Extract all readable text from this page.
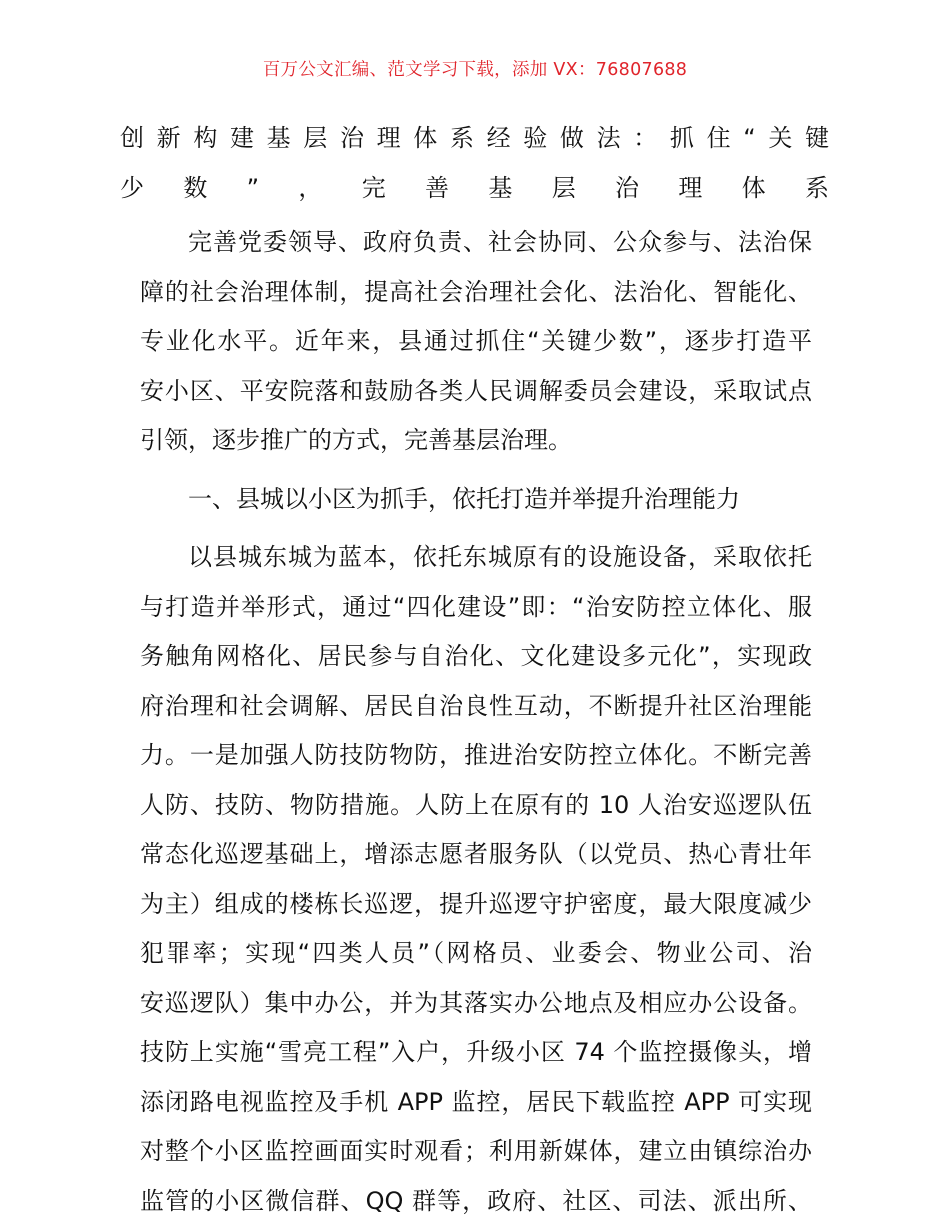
百万公文汇编、范文学习下载，添加 VX：76807688
创新构建基层治理体系经验做法：抓住“关键
少数”，完善基层治理体系
完善党委领导、政府负责、社会协同、公众参与、法治保
障的社会治理体制，提高社会治理社会化、法治化、智能化、
专业化水平。近年来，县通过抓住“关键少数”，逐步打造平
安小区、平安院落和鼓励各类人民调解委员会建设，采取试点
引领，逐步推广的方式，完善基层治理。
一、县城以小区为抓手，依托打造并举提升治理能力
以县城东城为蓝本，依托东城原有的设施设备，采取依托
与打造并举形式，通过“四化建设”即：“治安防控立体化、服
务触角网格化、居民参与自治化、文化建设多元化”，实现政
府治理和社会调解、居民自治良性互动，不断提升社区治理能
力。一是加强人防技防物防，推进治安防控立体化。不断完善
人防、技防、物防措施。人防上在原有的 10 人治安巡逻队伍
常态化巡逻基础上，增添志愿者服务队（以党员、热心青壮年
为主）组成的楼栋长巡逻，提升巡逻守护密度，最大限度减少
犯罪率；实现“四类人员”（网格员、业委会、物业公司、治
安巡逻队）集中办公，并为其落实办公地点及相应办公设备。
技防上实施“雪亮工程”入户，升级小区 74 个监控摄像头，增
添闭路电视监控及手机 APP 监控，居民下载监控 APP 可实现
对整个小区监控画面实时观看；利用新媒体，建立由镇综治办
监管的小区微信群、QQ 群等，政府、社区、司法、派出所、
